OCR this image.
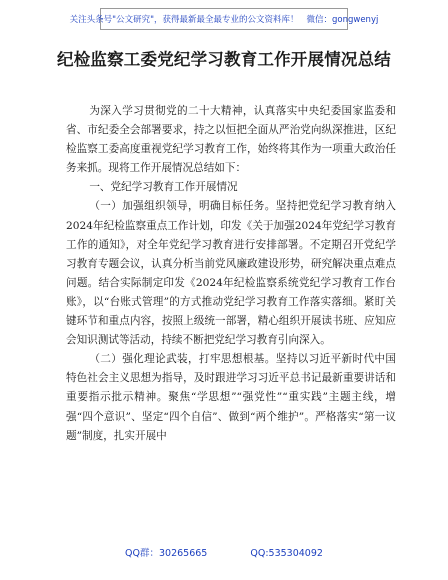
关注头条号"公文研究"，获得最新最全最专业的公文资料库！ 微信：gongwenyj
纪检监察工委党纪学习教育工作开展情况总结

为深入学习贯彻党的二十大精神，认真落实中央纪委国家监委和省、市纪委全会部署要求，持之以恒把全面从严治党向纵深推进，区纪检监察工委高度重视党纪学习教育工作，始终将其作为一项重大政治任务来抓。现将工作开展情况总结如下：

一、党纪学习教育工作开展情况

（一）加强组织领导，明确目标任务。坚持把党纪学习教育纳入2024年纪检监察重点工作计划，印发《关于加强2024年党纪学习教育工作的通知》，对全年党纪学习教育进行安排部署。不定期召开党纪学习教育专题会议，认真分析当前党风廉政建设形势，研究解决重点难点问题。结合实际制定印发《2024年纪检监察系统党纪学习教育工作台账》，以“台账式管理”的方式推动党纪学习教育工作落实落细。紧盯关键环节和重点内容，按照上级统一部署，精心组织开展读书班、应知应会知识测试等活动，持续不断把党纪学习教育引向深入。

（二）强化理论武装，打牢思想根基。坚持以习近平新时代中国特色社会主义思想为指导，及时跟进学习习近平总书记最新重要讲话和重要指示批示精神。聚焦“学思想”“强党性”“重实践”主题主线，增强“四个意识”、坚定“四个自信”、做到“两个维护”。严格落实“第一议题”制度，扎实开展中

QQ群：30265665	QQ:535304092
